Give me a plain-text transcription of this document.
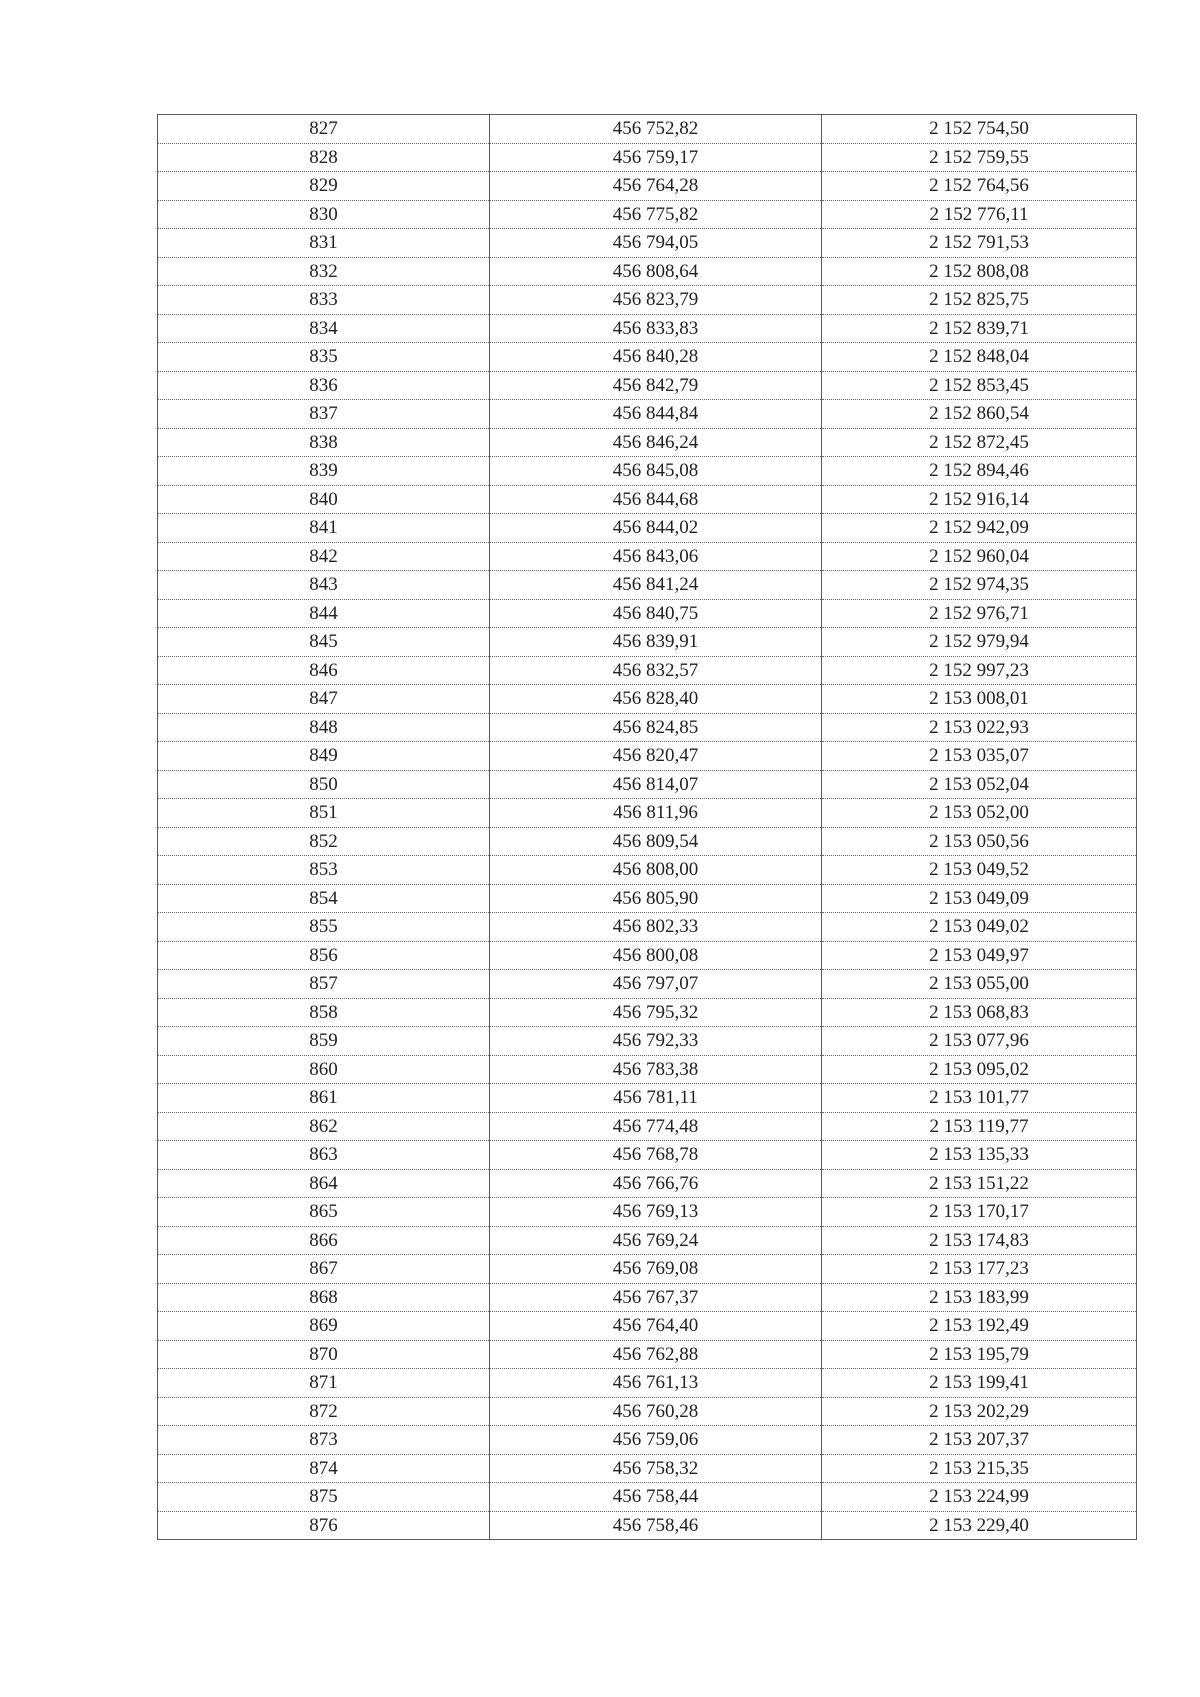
827	456 752,82	2 152 754,50
828	456 759,17	2 152 759,55
829	456 764,28	2 152 764,56
830	456 775,82	2 152 776,11
831	456 794,05	2 152 791,53
832	456 808,64	2 152 808,08
833	456 823,79	2 152 825,75
834	456 833,83	2 152 839,71
835	456 840,28	2 152 848,04
836	456 842,79	2 152 853,45
837	456 844,84	2 152 860,54
838	456 846,24	2 152 872,45
839	456 845,08	2 152 894,46
840	456 844,68	2 152 916,14
841	456 844,02	2 152 942,09
842	456 843,06	2 152 960,04
843	456 841,24	2 152 974,35
844	456 840,75	2 152 976,71
845	456 839,91	2 152 979,94
846	456 832,57	2 152 997,23
847	456 828,40	2 153 008,01
848	456 824,85	2 153 022,93
849	456 820,47	2 153 035,07
850	456 814,07	2 153 052,04
851	456 811,96	2 153 052,00
852	456 809,54	2 153 050,56
853	456 808,00	2 153 049,52
854	456 805,90	2 153 049,09
855	456 802,33	2 153 049,02
856	456 800,08	2 153 049,97
857	456 797,07	2 153 055,00
858	456 795,32	2 153 068,83
859	456 792,33	2 153 077,96
860	456 783,38	2 153 095,02
861	456 781,11	2 153 101,77
862	456 774,48	2 153 119,77
863	456 768,78	2 153 135,33
864	456 766,76	2 153 151,22
865	456 769,13	2 153 170,17
866	456 769,24	2 153 174,83
867	456 769,08	2 153 177,23
868	456 767,37	2 153 183,99
869	456 764,40	2 153 192,49
870	456 762,88	2 153 195,79
871	456 761,13	2 153 199,41
872	456 760,28	2 153 202,29
873	456 759,06	2 153 207,37
874	456 758,32	2 153 215,35
875	456 758,44	2 153 224,99
876	456 758,46	2 153 229,40
